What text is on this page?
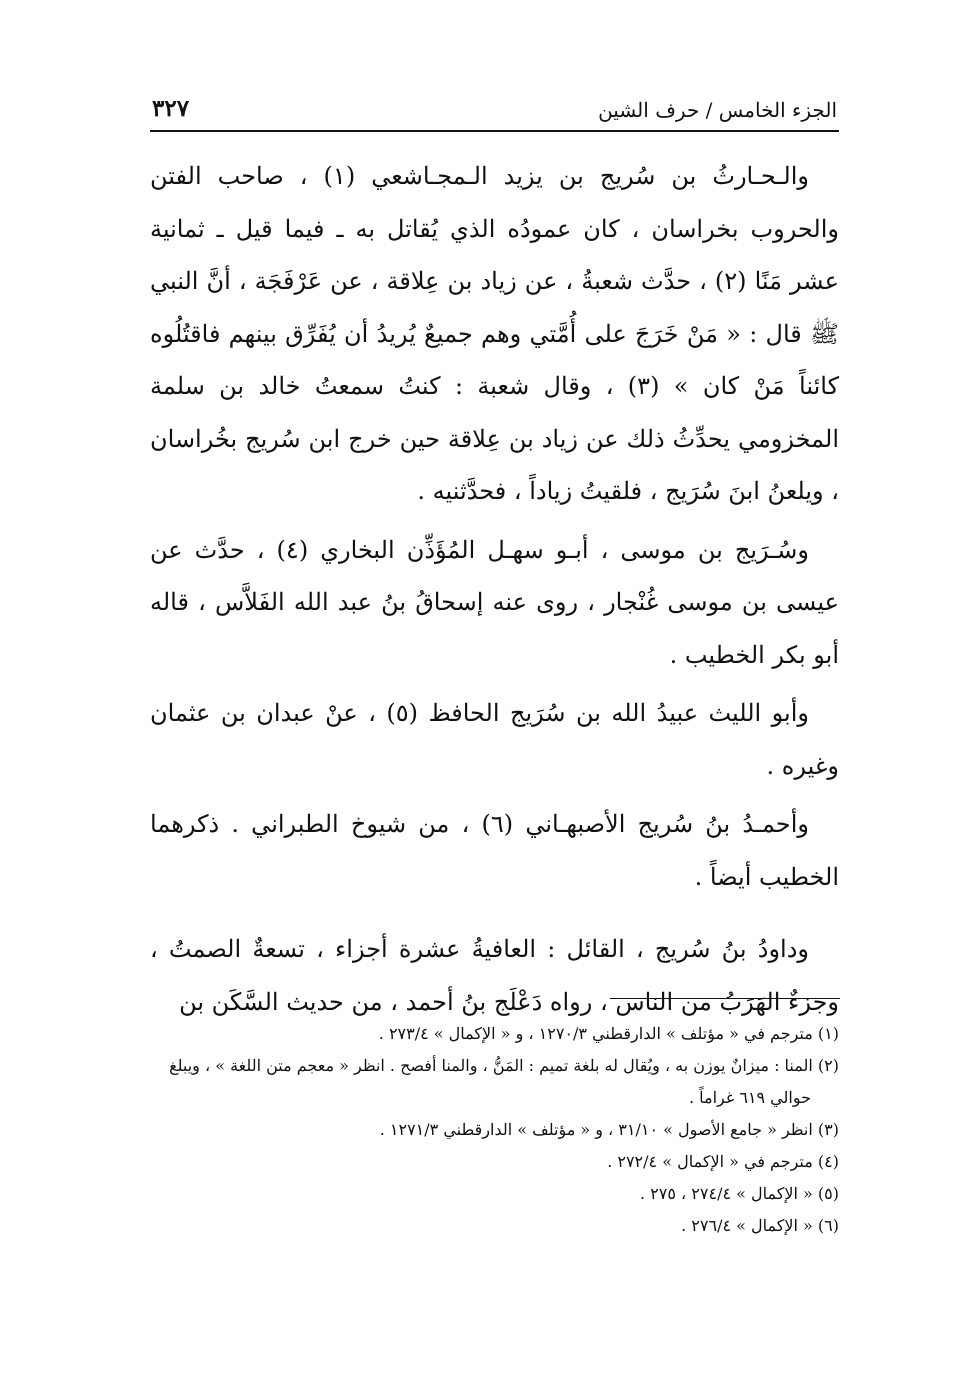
الجزء الخامس / حرف الشين
٣٢٧

والـحـارثُ بن سُريج بن يزيد الـمجـاشعي (١) ، صاحب الفتن والحروب بخراسان ، كان عمودُه الذي يُقاتل به ـ فيما قيل ـ ثمانية عشر مَنًا (٢) ، حدَّث شعبةُ ، عن زياد بن عِلاقة ، عن عَرْفَجَة ، أنَّ النبي ﷺ قال : « مَنْ خَرَجَ على أُمَّتي وهم جميعٌ يُريدُ أن يُفَرِّق بينهم فاقتُلُوه كائناً مَنْ كان » (٣) ، وقال شعبة : كنتُ سمعتُ خالد بن سلمة المخزومي يحدِّثُ ذلك عن زياد بن عِلاقة حين خرج ابن سُريج بخُراسان ، ويلعنُ ابنَ سُرَيج ، فلقيتُ زياداً ، فحدَّثنيه .

وسُـرَيج بن موسى ، أبـو سهـل المُؤَذِّن البخاري (٤) ، حدَّث عن عيسى بن موسى غُنْجار ، روى عنه إسحاقُ بنُ عبد الله الفَلاَّس ، قاله أبو بكر الخطيب .

وأبو الليث عبيدُ الله بن سُرَيج الحافظ (٥) ، عنْ عبدان بن عثمان وغيره .

وأحمـدُ بنُ سُريج الأصبهـاني (٦) ، من شيوخ الطبراني . ذكرهما الخطيب أيضاً .

وداودُ بنُ سُريج ، القائل : العافيةُ عشرة أجزاء ، تسعةٌ الصمتُ ، وجزءٌ الهَرَبُ من الناس ، رواه دَعْلَج بنُ أحمد ، من حديث السَّكَن بن

(١) مترجم في « مؤتلف » الدارقطني ١٢٧٠/٣ ، و « الإكمال » ٢٧٣/٤ .

(٢) المنا : ميزانٌ يوزن به ، ويُقال له بلغة تميم : المَنُّ ، والمنا أفصح . انظر « معجم متن اللغة » ، ويبلغ حوالي ٦١٩ غراماً .

(٣) انظر « جامع الأصول » ٣١/١٠ ، و « مؤتلف » الدارقطني ١٢٧١/٣ .

(٤) مترجم في « الإكمال » ٢٧٢/٤ .

(٥) « الإكمال » ٢٧٤/٤ ، ٢٧٥ .

(٦) « الإكمال » ٢٧٦/٤ .
